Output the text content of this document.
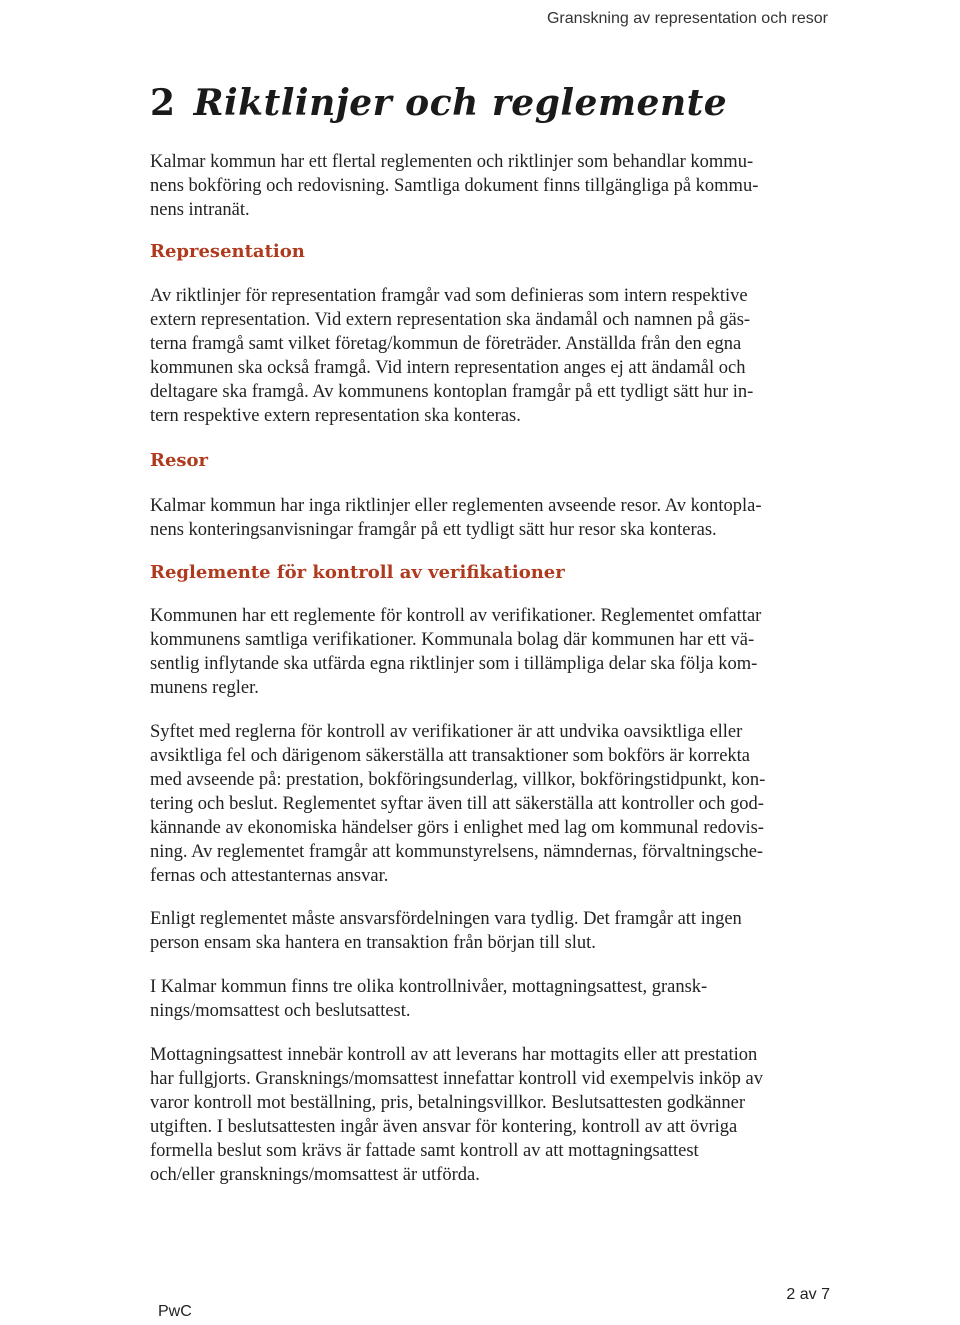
Granskning av representation och resor
2 Riktlinjer och reglemente
Kalmar kommun har ett flertal reglementen och riktlinjer som behandlar kommu-
nens bokföring och redovisning. Samtliga dokument finns tillgängliga på kommu-
nens intranät.
Representation
Av riktlinjer för representation framgår vad som definieras som intern respektive
extern representation. Vid extern representation ska ändamål och namnen på gäs-
terna framgå samt vilket företag/kommun de företräder. Anställda från den egna
kommunen ska också framgå. Vid intern representation anges ej att ändamål och
deltagare ska framgå. Av kommunens kontoplan framgår på ett tydligt sätt hur in-
tern respektive extern representation ska konteras.
Resor
Kalmar kommun har inga riktlinjer eller reglementen avseende resor. Av kontopla-
nens konteringsanvisningar framgår på ett tydligt sätt hur resor ska konteras.
Reglemente för kontroll av verifikationer
Kommunen har ett reglemente för kontroll av verifikationer. Reglementet omfattar
kommunens samtliga verifikationer. Kommunala bolag där kommunen har ett vä-
sentlig inflytande ska utfärda egna riktlinjer som i tillämpliga delar ska följa kom-
munens regler.
Syftet med reglerna för kontroll av verifikationer är att undvika oavsiktliga eller
avsiktliga fel och därigenom säkerställa att transaktioner som bokförs är korrekta
med avseende på: prestation, bokföringsunderlag, villkor, bokföringstidpunkt, kon-
tering och beslut. Reglementet syftar även till att säkerställa att kontroller och god-
kännande av ekonomiska händelser görs i enlighet med lag om kommunal redovis-
ning. Av reglementet framgår att kommunstyrelsens, nämndernas, förvaltningsche-
fernas och attestanternas ansvar.
Enligt reglementet måste ansvarsfördelningen vara tydlig. Det framgår att ingen
person ensam ska hantera en transaktion från början till slut.
I Kalmar kommun finns tre olika kontrollnivåer, mottagningsattest, gransk-
nings/momsattest och beslutsattest.
Mottagningsattest innebär kontroll av att leverans har mottagits eller att prestation
har fullgjorts. Gransknings/momsattest innefattar kontroll vid exempelvis inköp av
varor kontroll mot beställning, pris, betalningsvillkor. Beslutsattesten godkänner
utgiften. I beslutsattesten ingår även ansvar för kontering, kontroll av att övriga
formella beslut som krävs är fattade samt kontroll av att mottagningsattest
och/eller gransknings/momsattest är utförda.
PwC
2 av 7
